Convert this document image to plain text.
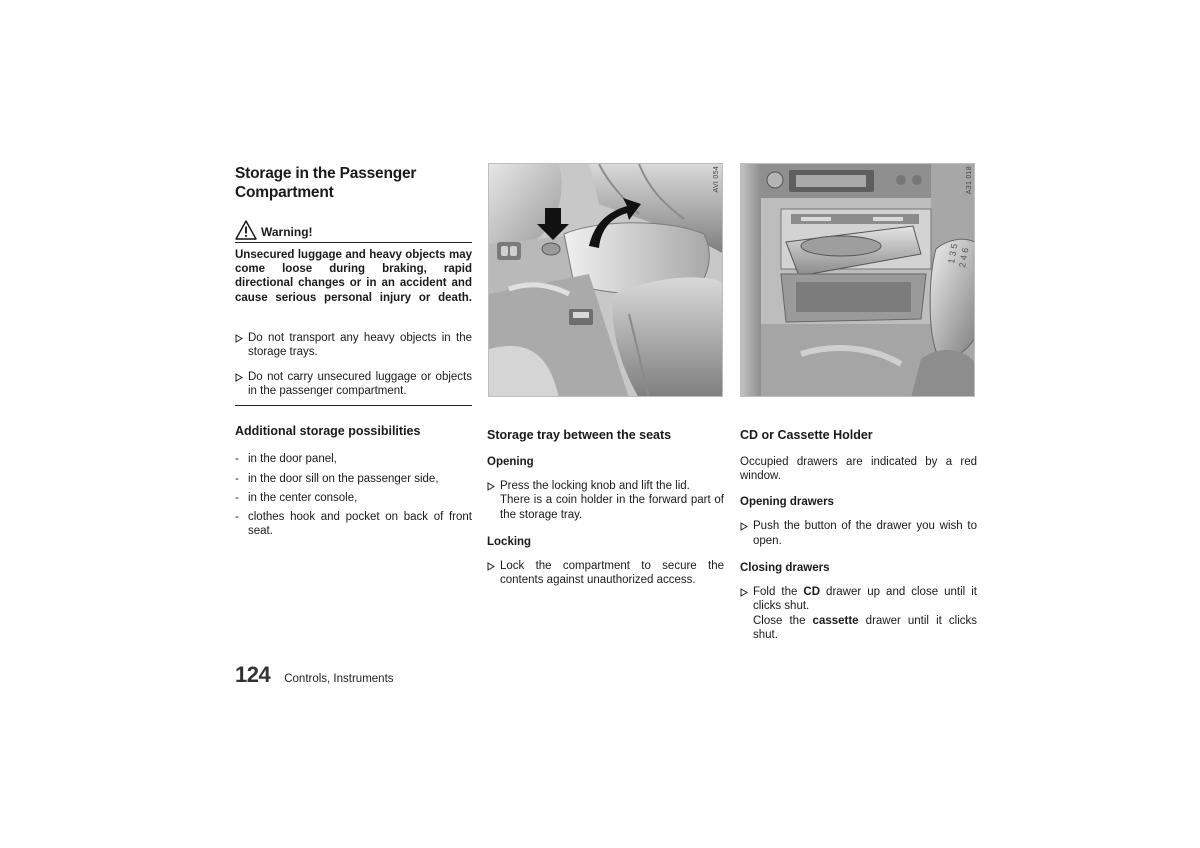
Storage in the Passenger Compartment
Warning!
Unsecured luggage and heavy objects may come loose during braking, rapid directional changes or in an accident and cause serious personal injury or death.
Do not transport any heavy objects in the storage trays.
Do not carry unsecured luggage or objects in the passenger compartment.
Additional storage possibilities
- in the door panel,
- in the door sill on the passenger side,
- in the center console,
- clothes hook and pocket on back of front seat.
AVI 054
1 3 5
2 4 6
A31 018
Storage tray between the seats
Opening
Press the locking knob and lift the lid.
There is a coin holder in the forward part of the storage tray.
Locking
Lock the compartment to secure the contents against unauthorized access.
CD or Cassette Holder
Occupied drawers are indicated by a red window.
Opening drawers
Push the button of the drawer you wish to open.
Closing drawers
Fold the CD drawer up and close until it clicks shut.
Close the cassette drawer until it clicks shut.
124 Controls, Instruments
